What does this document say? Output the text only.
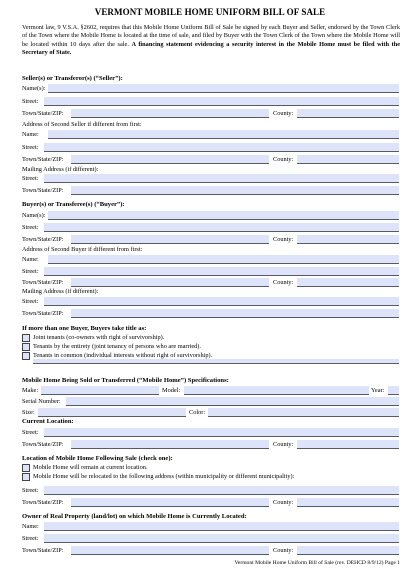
VERMONT MOBILE HOME UNIFORM BILL OF SALE
Vermont law, 9 V.S.A. §2602, requires that this Mobile Home Uniform Bill of Sale be signed by each Buyer and Seller, endorsed by the Town Clerk of the Town where the Mobile Home is located at the time of sale, and filed by Buyer with the Town Clerk of the Town where the Mobile Home will be located within 10 days after the sale. A financing statement evidencing a security interest in the Mobile Home must be filed with the Secretary of State.
Seller(s) or Transferor(s) (“Seller”):
Name(s):
Street:
Town/State/ZIP:	County:
Address of Second Seller if different from first:
Name:
Street:
Town/State/ZIP:	County:
Mailing Address (if different):
Street:
Town/State/ZIP:
Buyer(s) or Transferee(s) (“Buyer”):
Name(s):
Street:
Town/State/ZIP:	County:
Address of Second Buyer if different from first:
Name:
Street:
Town/State/ZIP:	County:
Mailing Address (if different):
Street:
Town/State/ZIP:
If more than one Buyer, Buyers take title as:
Joint tenants (co-owners with right of survivorship).
Tenants by the entirety (joint tenancy of persons who are married).
Tenants in common (individual interests without right of survivorship).
Mobile Home Being Sold or Transferred (“Mobile Home”) Specifications:
Make:	Model:	Year:
Serial Number:
Size:	Color:
Current Location:
Street:
Town/State/ZIP:	County:
Location of Mobile Home Following Sale (check one):
Mobile Home will remain at current location.
Mobile Home will be relocated to the following address (within municipality or different municipality):
Street:
Town/State/ZIP:	County:
Owner of Real Property (land/lot) on which Mobile Home is Currently Located:
Name:
Street:
Town/State/ZIP:	County:
Vermont Mobile Home Uniform Bill of Sale (rev. DEHCD 8/9/12) Page 1
